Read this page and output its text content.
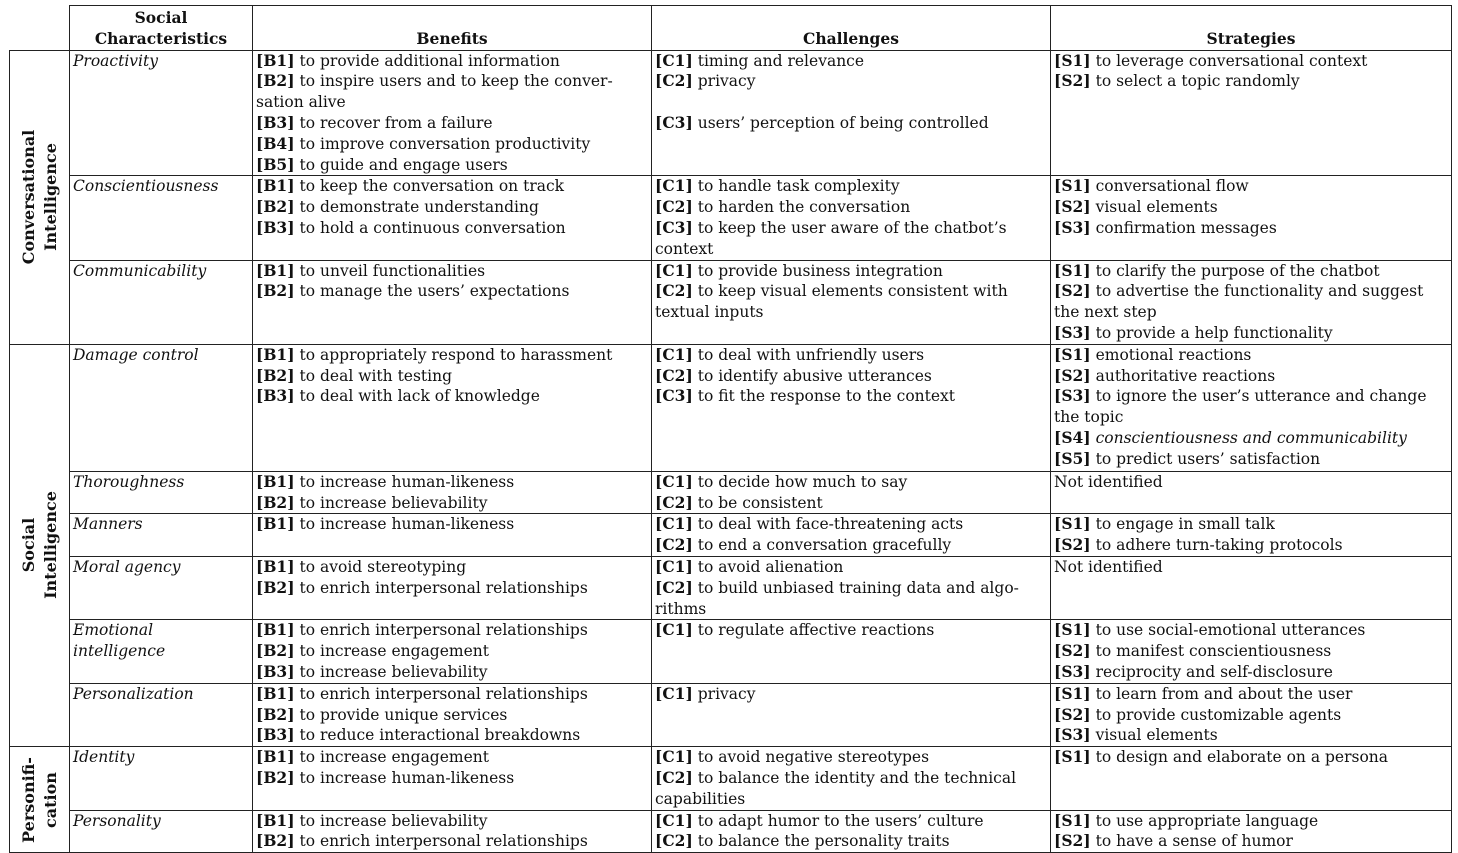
	Social
Characteristics	Benefits	Challenges	Strategies

Conversational Intelligence	Proactivity	[B1] to provide additional information
[B2] to inspire users and to keep the conver-sation alive
[B3] to recover from a failure
[B4] to improve conversation productivity
[B5] to guide and engage users	[C1] timing and relevance
[C2] privacy
[C3] users’ perception of being controlled	[S1] to leverage conversational context
[S2] to select a topic randomly

	Conscientiousness	[B1] to keep the conversation on track
[B2] to demonstrate understanding
[B3] to hold a continuous conversation	[C1] to handle task complexity
[C2] to harden the conversation
[C3] to keep the user aware of the chatbot’s context	[S1] conversational flow
[S2] visual elements
[S3] confirmation messages

	Communicability	[B1] to unveil functionalities
[B2] to manage the users’ expectations	[C1] to provide business integration
[C2] to keep visual elements consistent with textual inputs	[S1] to clarify the purpose of the chatbot
[S2] to advertise the functionality and suggest the next step
[S3] to provide a help functionality

Social Intelligence	Damage control	[B1] to appropriately respond to harassment
[B2] to deal with testing
[B3] to deal with lack of knowledge	[C1] to deal with unfriendly users
[C2] to identify abusive utterances
[C3] to fit the response to the context	[S1] emotional reactions
[S2] authoritative reactions
[S3] to ignore the user’s utterance and change the topic
[S4] conscientiousness and communicability
[S5] to predict users’ satisfaction

	Thoroughness	[B1] to increase human-likeness
[B2] to increase believability	[C1] to decide how much to say
[C2] to be consistent	Not identified

	Manners	[B1] to increase human-likeness	[C1] to deal with face-threatening acts
[C2] to end a conversation gracefully	[S1] to engage in small talk
[S2] to adhere turn-taking protocols

	Moral agency	[B1] to avoid stereotyping
[B2] to enrich interpersonal relationships	[C1] to avoid alienation
[C2] to build unbiased training data and algo-rithms	Not identified

	Emotional
intelligence	[B1] to enrich interpersonal relationships
[B2] to increase engagement
[B3] to increase believability	[C1] to regulate affective reactions	[S1] to use social-emotional utterances
[S2] to manifest conscientiousness
[S3] reciprocity and self-disclosure

	Personalization	[B1] to enrich interpersonal relationships
[B2] to provide unique services
[B3] to reduce interactional breakdowns	[C1] privacy	[S1] to learn from and about the user
[S2] to provide customizable agents
[S3] visual elements

Personifi- cation	Identity	[B1] to increase engagement
[B2] to increase human-likeness	[C1] to avoid negative stereotypes
[C2] to balance the identity and the technical capabilities	[S1] to design and elaborate on a persona

	Personality	[B1] to increase believability
[B2] to enrich interpersonal relationships	[C1] to adapt humor to the users’ culture
[C2] to balance the personality traits	[S1] to use appropriate language
[S2] to have a sense of humor
